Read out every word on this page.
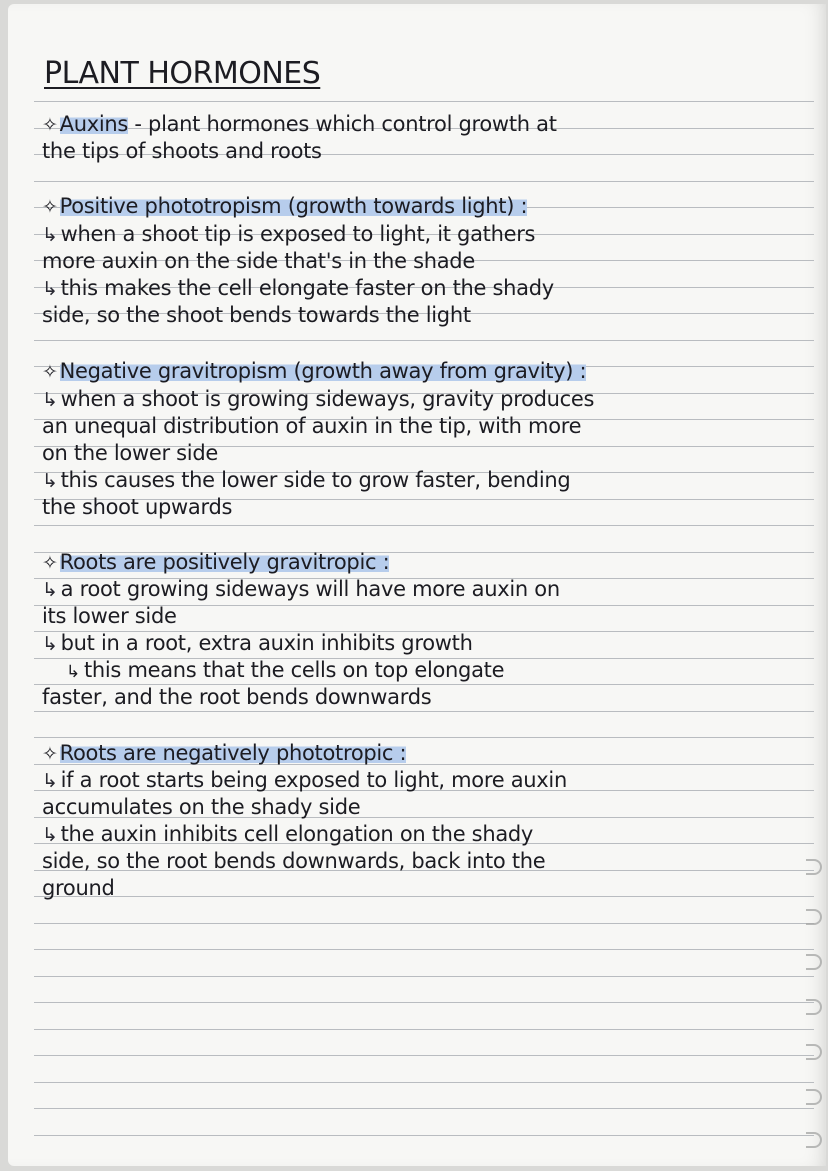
PLANT HORMONES
✧Auxins - plant hormones which control growth at
the tips of shoots and roots
✧Positive phototropism (growth towards light) :
↳ when a shoot tip is exposed to light, it gathers
more auxin on the side that's in the shade
↳ this makes the cell elongate faster on the shady
side, so the shoot bends towards the light
✧Negative gravitropism (growth away from gravity) :
↳ when a shoot is growing sideways, gravity produces
an unequal distribution of auxin in the tip, with more
on the lower side
↳ this causes the lower side to grow faster, bending
the shoot upwards
✧Roots are positively gravitropic :
↳ a root growing sideways will have more auxin on
its lower side
↳ but in a root, extra auxin inhibits growth
↳ this means that the cells on top elongate
faster, and the root bends downwards
✧Roots are negatively phototropic :
↳ if a root starts being exposed to light, more auxin
accumulates on the shady side
↳ the auxin inhibits cell elongation on the shady
side, so the root bends downwards, back into the
ground
